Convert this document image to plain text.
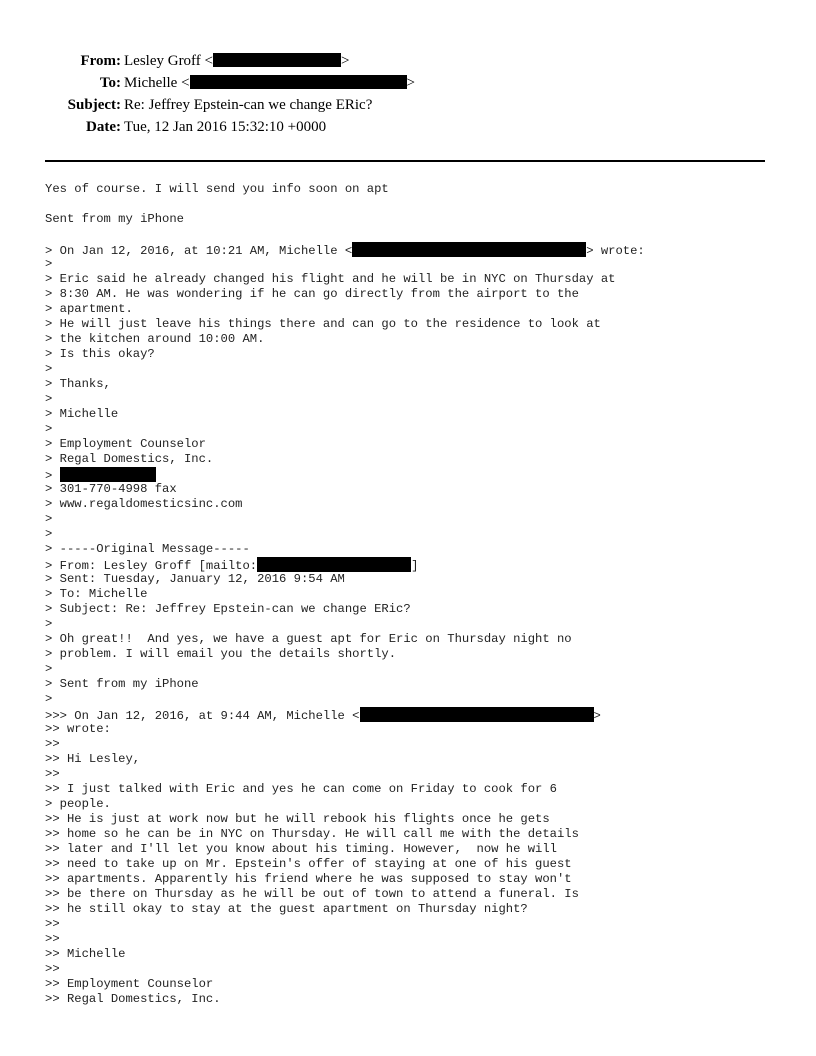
From: Lesley Groff <	>
To: Michelle <	>
Subject: Re: Jeffrey Epstein-can we change ERic?
Date: Tue, 12 Jan 2016 15:32:10 +0000
Yes of course. I will send you info soon on apt
Sent from my iPhone
> On Jan 12, 2016, at 10:21 AM, Michelle <	> wrote:
>
> Eric said he already changed his flight and he will be in NYC on Thursday at
> 8:30 AM. He was wondering if he can go directly from the airport to the
> apartment.
> He will just leave his things there and can go to the residence to look at
> the kitchen around 10:00 AM.
> Is this okay?
>
> Thanks,
>
> Michelle
>
> Employment Counselor
> Regal Domestics, Inc.
>
> 301-770-4998 fax
> www.regaldomesticsinc.com
>
>
> -----Original Message-----
> From: Lesley Groff [mailto:	]
> Sent: Tuesday, January 12, 2016 9:54 AM
> To: Michelle
> Subject: Re: Jeffrey Epstein-can we change ERic?
>
> Oh great!!  And yes, we have a guest apt for Eric on Thursday night no
> problem. I will email you the details shortly.
>
> Sent from my iPhone
>
>>> On Jan 12, 2016, at 9:44 AM, Michelle <	>
>> wrote:
>>
>> Hi Lesley,
>>
>> I just talked with Eric and yes he can come on Friday to cook for 6
> people.
>> He is just at work now but he will rebook his flights once he gets
>> home so he can be in NYC on Thursday. He will call me with the details
>> later and I'll let you know about his timing. However,  now he will
>> need to take up on Mr. Epstein's offer of staying at one of his guest
>> apartments. Apparently his friend where he was supposed to stay won't
>> be there on Thursday as he will be out of town to attend a funeral. Is
>> he still okay to stay at the guest apartment on Thursday night?
>>
>>
>> Michelle
>>
>> Employment Counselor
>> Regal Domestics, Inc.
